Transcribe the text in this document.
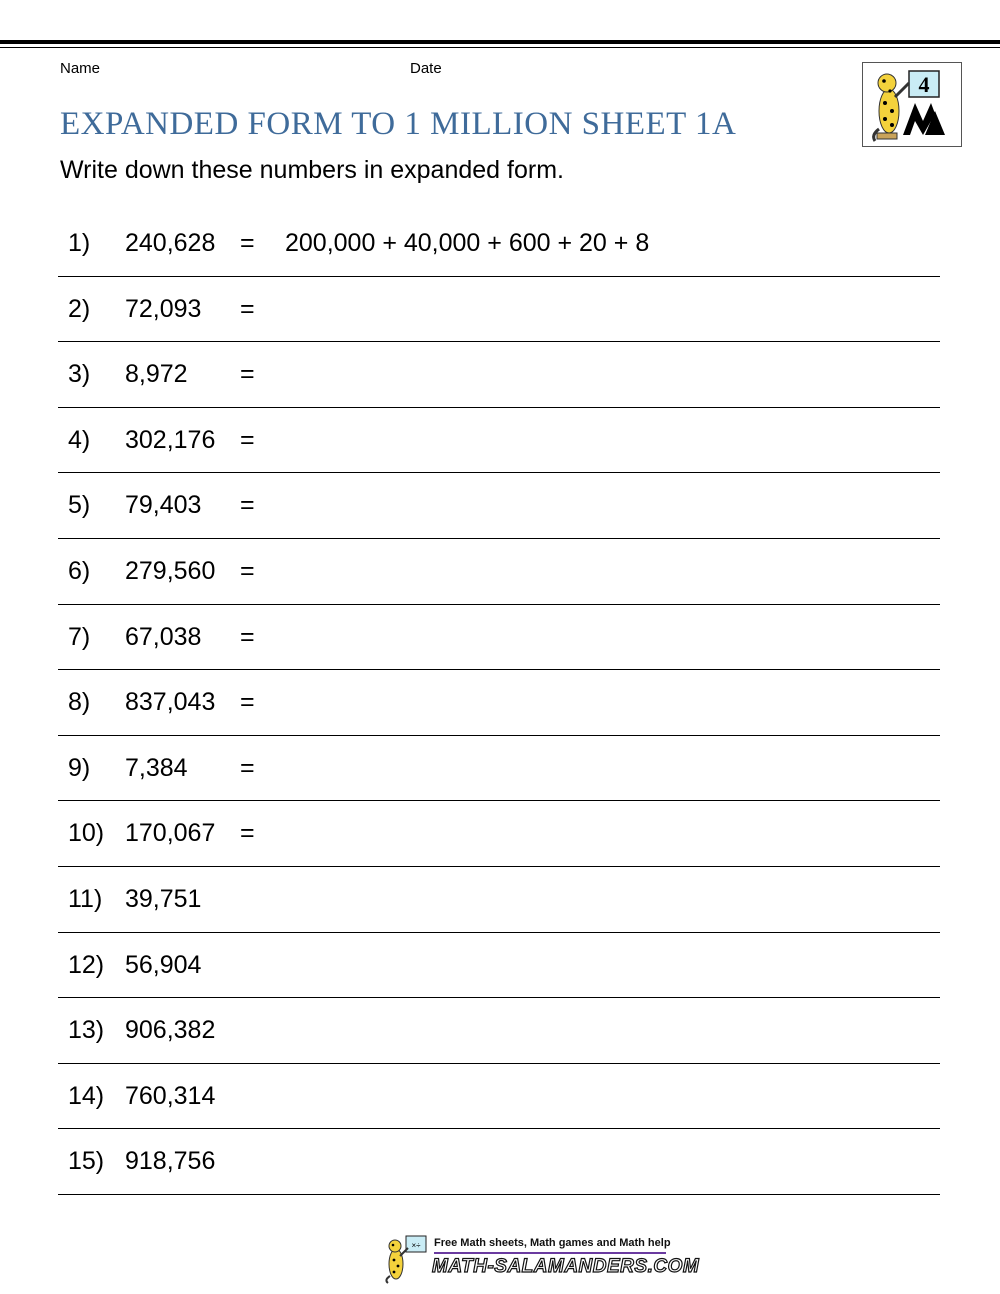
Name	Date
4
EXPANDED FORM TO 1 MILLION SHEET 1A
Write down these numbers in expanded form.
1) 240,628 = 200,000 + 40,000 + 600 + 20 + 8
2) 72,093 =
3) 8,972 =
4) 302,176 =
5) 79,403 =
6) 279,560 =
7) 67,038 =
8) 837,043 =
9) 7,384 =
10) 170,067 =
11) 39,751
12) 56,904
13) 906,382
14) 760,314
15) 918,756
×÷ Free Math sheets, Math games and Math help
MATH-SALAMANDERS.COM
